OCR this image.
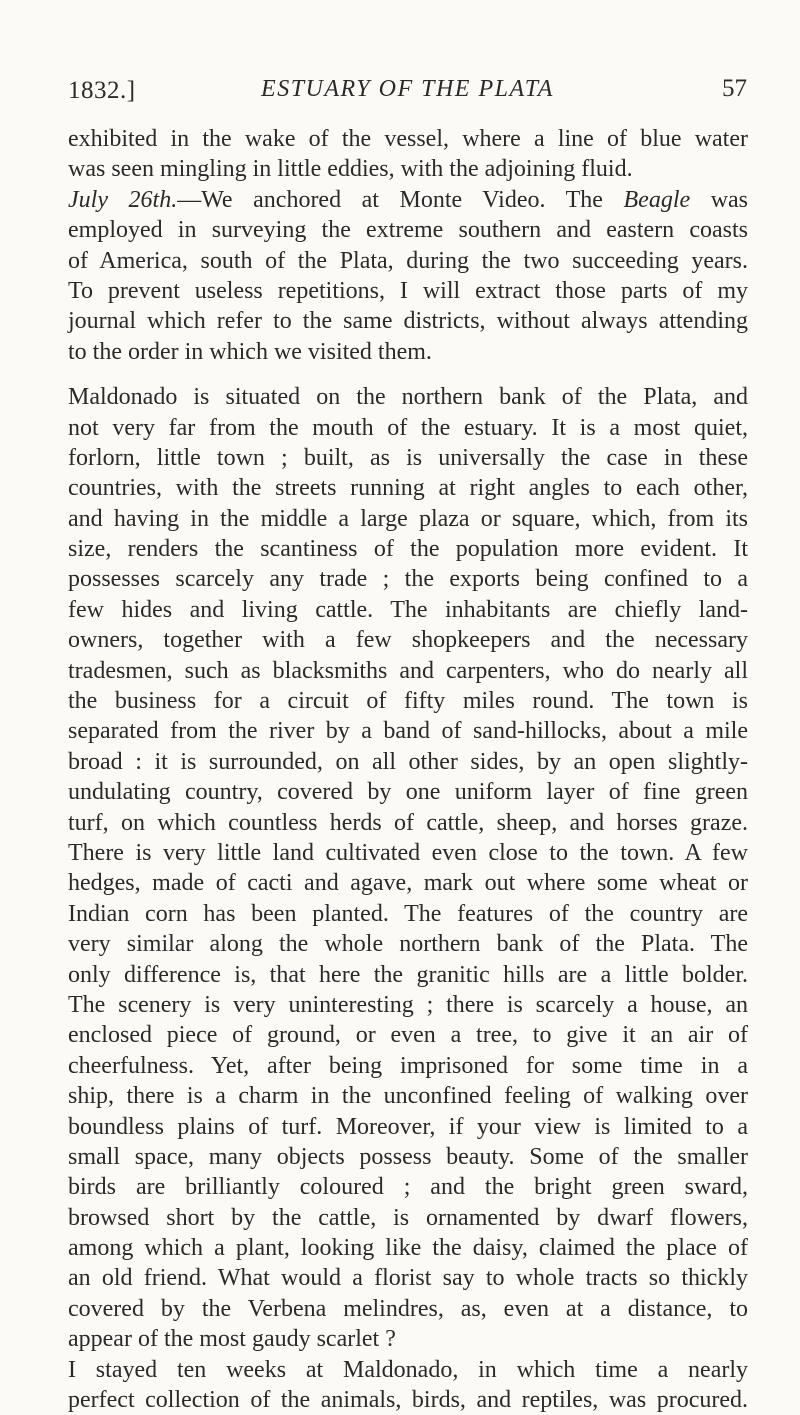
1832.]	ESTUARY OF THE PLATA	57
exhibited in the wake of the vessel, where a line of blue water
was seen mingling in little eddies, with the adjoining fluid.
July 26th.—We anchored at Monte Video. The Beagle was
employed in surveying the extreme southern and eastern coasts
of America, south of the Plata, during the two succeeding years.
To prevent useless repetitions, I will extract those parts of my
journal which refer to the same districts, without always attending
to the order in which we visited them.
Maldonado is situated on the northern bank of the Plata, and
not very far from the mouth of the estuary. It is a most quiet,
forlorn, little town ; built, as is universally the case in these
countries, with the streets running at right angles to each other,
and having in the middle a large plaza or square, which, from its
size, renders the scantiness of the population more evident. It
possesses scarcely any trade ; the exports being confined to a
few hides and living cattle. The inhabitants are chiefly land-
owners, together with a few shopkeepers and the necessary
tradesmen, such as blacksmiths and carpenters, who do nearly all
the business for a circuit of fifty miles round. The town is
separated from the river by a band of sand-hillocks, about a mile
broad : it is surrounded, on all other sides, by an open slightly-
undulating country, covered by one uniform layer of fine green
turf, on which countless herds of cattle, sheep, and horses graze.
There is very little land cultivated even close to the town. A few
hedges, made of cacti and agave, mark out where some wheat or
Indian corn has been planted. The features of the country are
very similar along the whole northern bank of the Plata. The
only difference is, that here the granitic hills are a little bolder.
The scenery is very uninteresting ; there is scarcely a house, an
enclosed piece of ground, or even a tree, to give it an air of
cheerfulness. Yet, after being imprisoned for some time in a
ship, there is a charm in the unconfined feeling of walking over
boundless plains of turf. Moreover, if your view is limited to a
small space, many objects possess beauty. Some of the smaller
birds are brilliantly coloured ; and the bright green sward,
browsed short by the cattle, is ornamented by dwarf flowers,
among which a plant, looking like the daisy, claimed the place of
an old friend. What would a florist say to whole tracts so thickly
covered by the Verbena melindres, as, even at a distance, to
appear of the most gaudy scarlet ?
I stayed ten weeks at Maldonado, in which time a nearly
perfect collection of the animals, birds, and reptiles, was procured.
